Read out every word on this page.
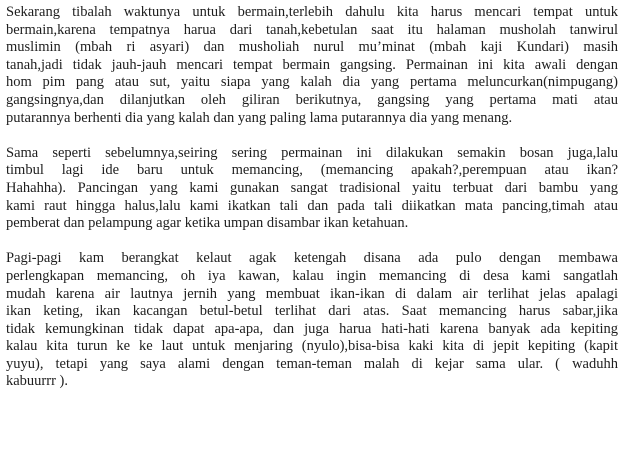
Sekarang tibalah waktunya untuk bermain,terlebih dahulu kita harus mencari tempat untuk
bermain,karena tempatnya harua dari tanah,kebetulan saat itu halaman musholah tanwirul
muslimin (mbah ri asyari) dan musholiah nurul mu’minat (mbah kaji Kundari) masih
tanah,jadi tidak jauh-jauh mencari tempat bermain gangsing. Permainan ini kita awali dengan
hom pim pang atau sut, yaitu siapa yang kalah dia yang pertama meluncurkan(nimpugang)
gangsingnya,dan dilanjutkan oleh giliran berikutnya, gangsing yang pertama mati atau
putarannya berhenti dia yang kalah dan yang paling lama putarannya dia yang menang.
Sama seperti sebelumnya,seiring sering permainan ini dilakukan semakin bosan juga,lalu
timbul lagi ide baru untuk memancing, (memancing apakah?,perempuan atau ikan?
Hahahha). Pancingan yang kami gunakan sangat tradisional yaitu terbuat dari bambu yang
kami raut hingga halus,lalu kami ikatkan tali dan pada tali diikatkan mata pancing,timah atau
pemberat dan pelampung agar ketika umpan disambar ikan ketahuan.
Pagi-pagi kam berangkat kelaut agak ketengah disana ada pulo dengan membawa
perlengkapan memancing, oh iya kawan, kalau ingin memancing di desa kami sangatlah
mudah karena air lautnya jernih yang membuat ikan-ikan di dalam air terlihat jelas apalagi
ikan keting, ikan kacangan betul-betul terlihat dari atas. Saat memancing harus sabar,jika
tidak kemungkinan tidak dapat apa-apa, dan juga harua hati-hati karena banyak ada kepiting
kalau kita turun ke ke laut untuk menjaring (nyulo),bisa-bisa kaki kita di jepit kepiting (kapit
yuyu), tetapi yang saya alami dengan teman-teman malah di kejar sama ular. ( waduhh
kabuurrr ).
